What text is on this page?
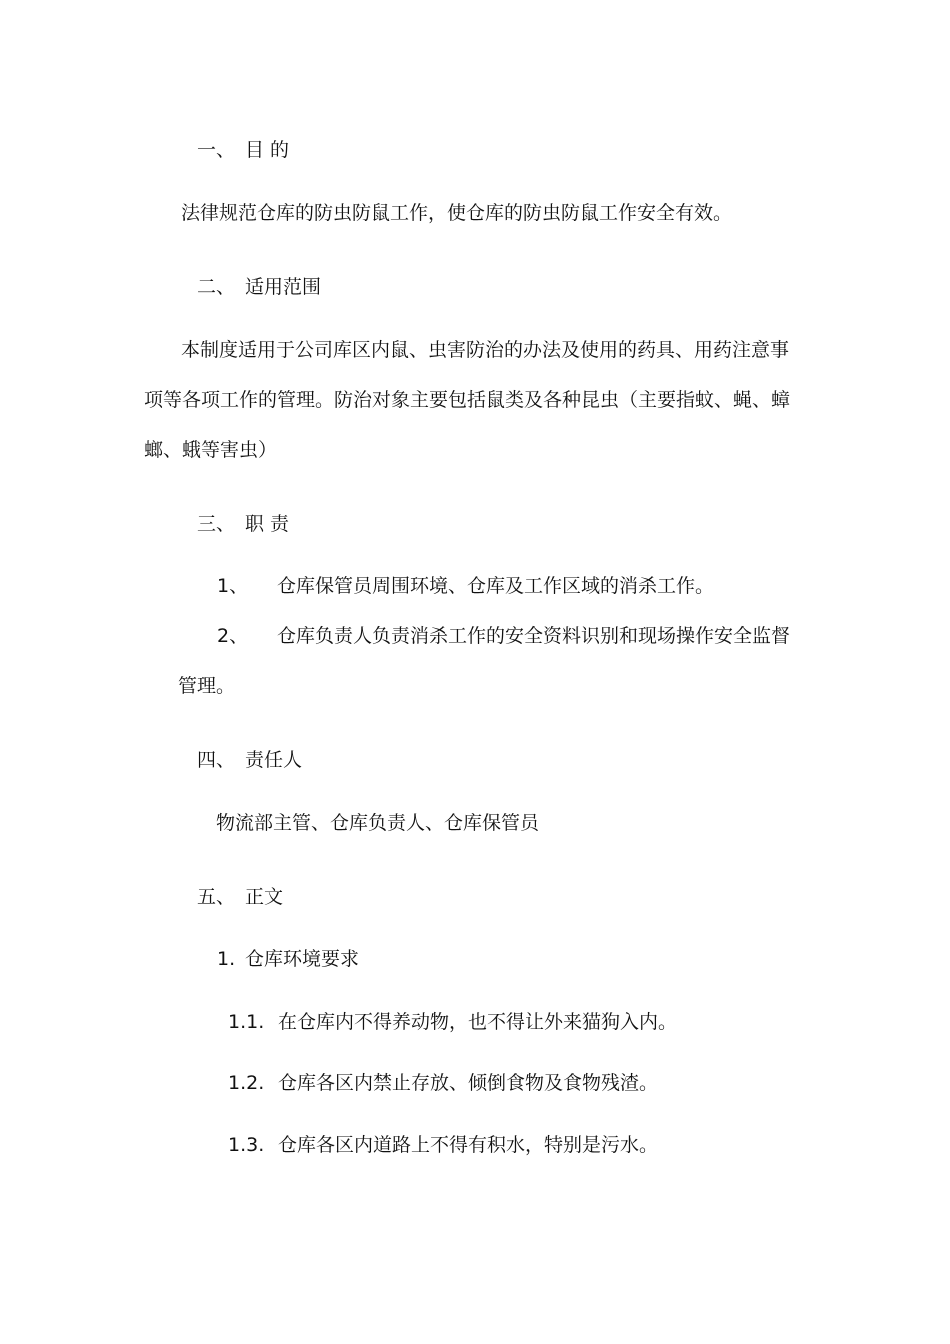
一、 目 的
法律规范仓库的防虫防鼠工作，使仓库的防虫防鼠工作安全有效。
二、 适用范围
本制度适用于公司库区内鼠、虫害防治的办法及使用的药具、用药注意事
项等各项工作的管理。防治对象主要包括鼠类及各种昆虫（主要指蚊、蝇、蟑
螂、蛾等害虫）
三、 职 责
1、 仓库保管员周围环境、仓库及工作区域的消杀工作。
2、 仓库负责人负责消杀工作的安全资料识别和现场操作安全监督
管理。
四、 责任人
物流部主管、仓库负责人、仓库保管员
五、 正文
1. 仓库环境要求
1.1. 在仓库内不得养动物，也不得让外来猫狗入内。
1.2. 仓库各区内禁止存放、倾倒食物及食物残渣。
1.3. 仓库各区内道路上不得有积水，特别是污水。
